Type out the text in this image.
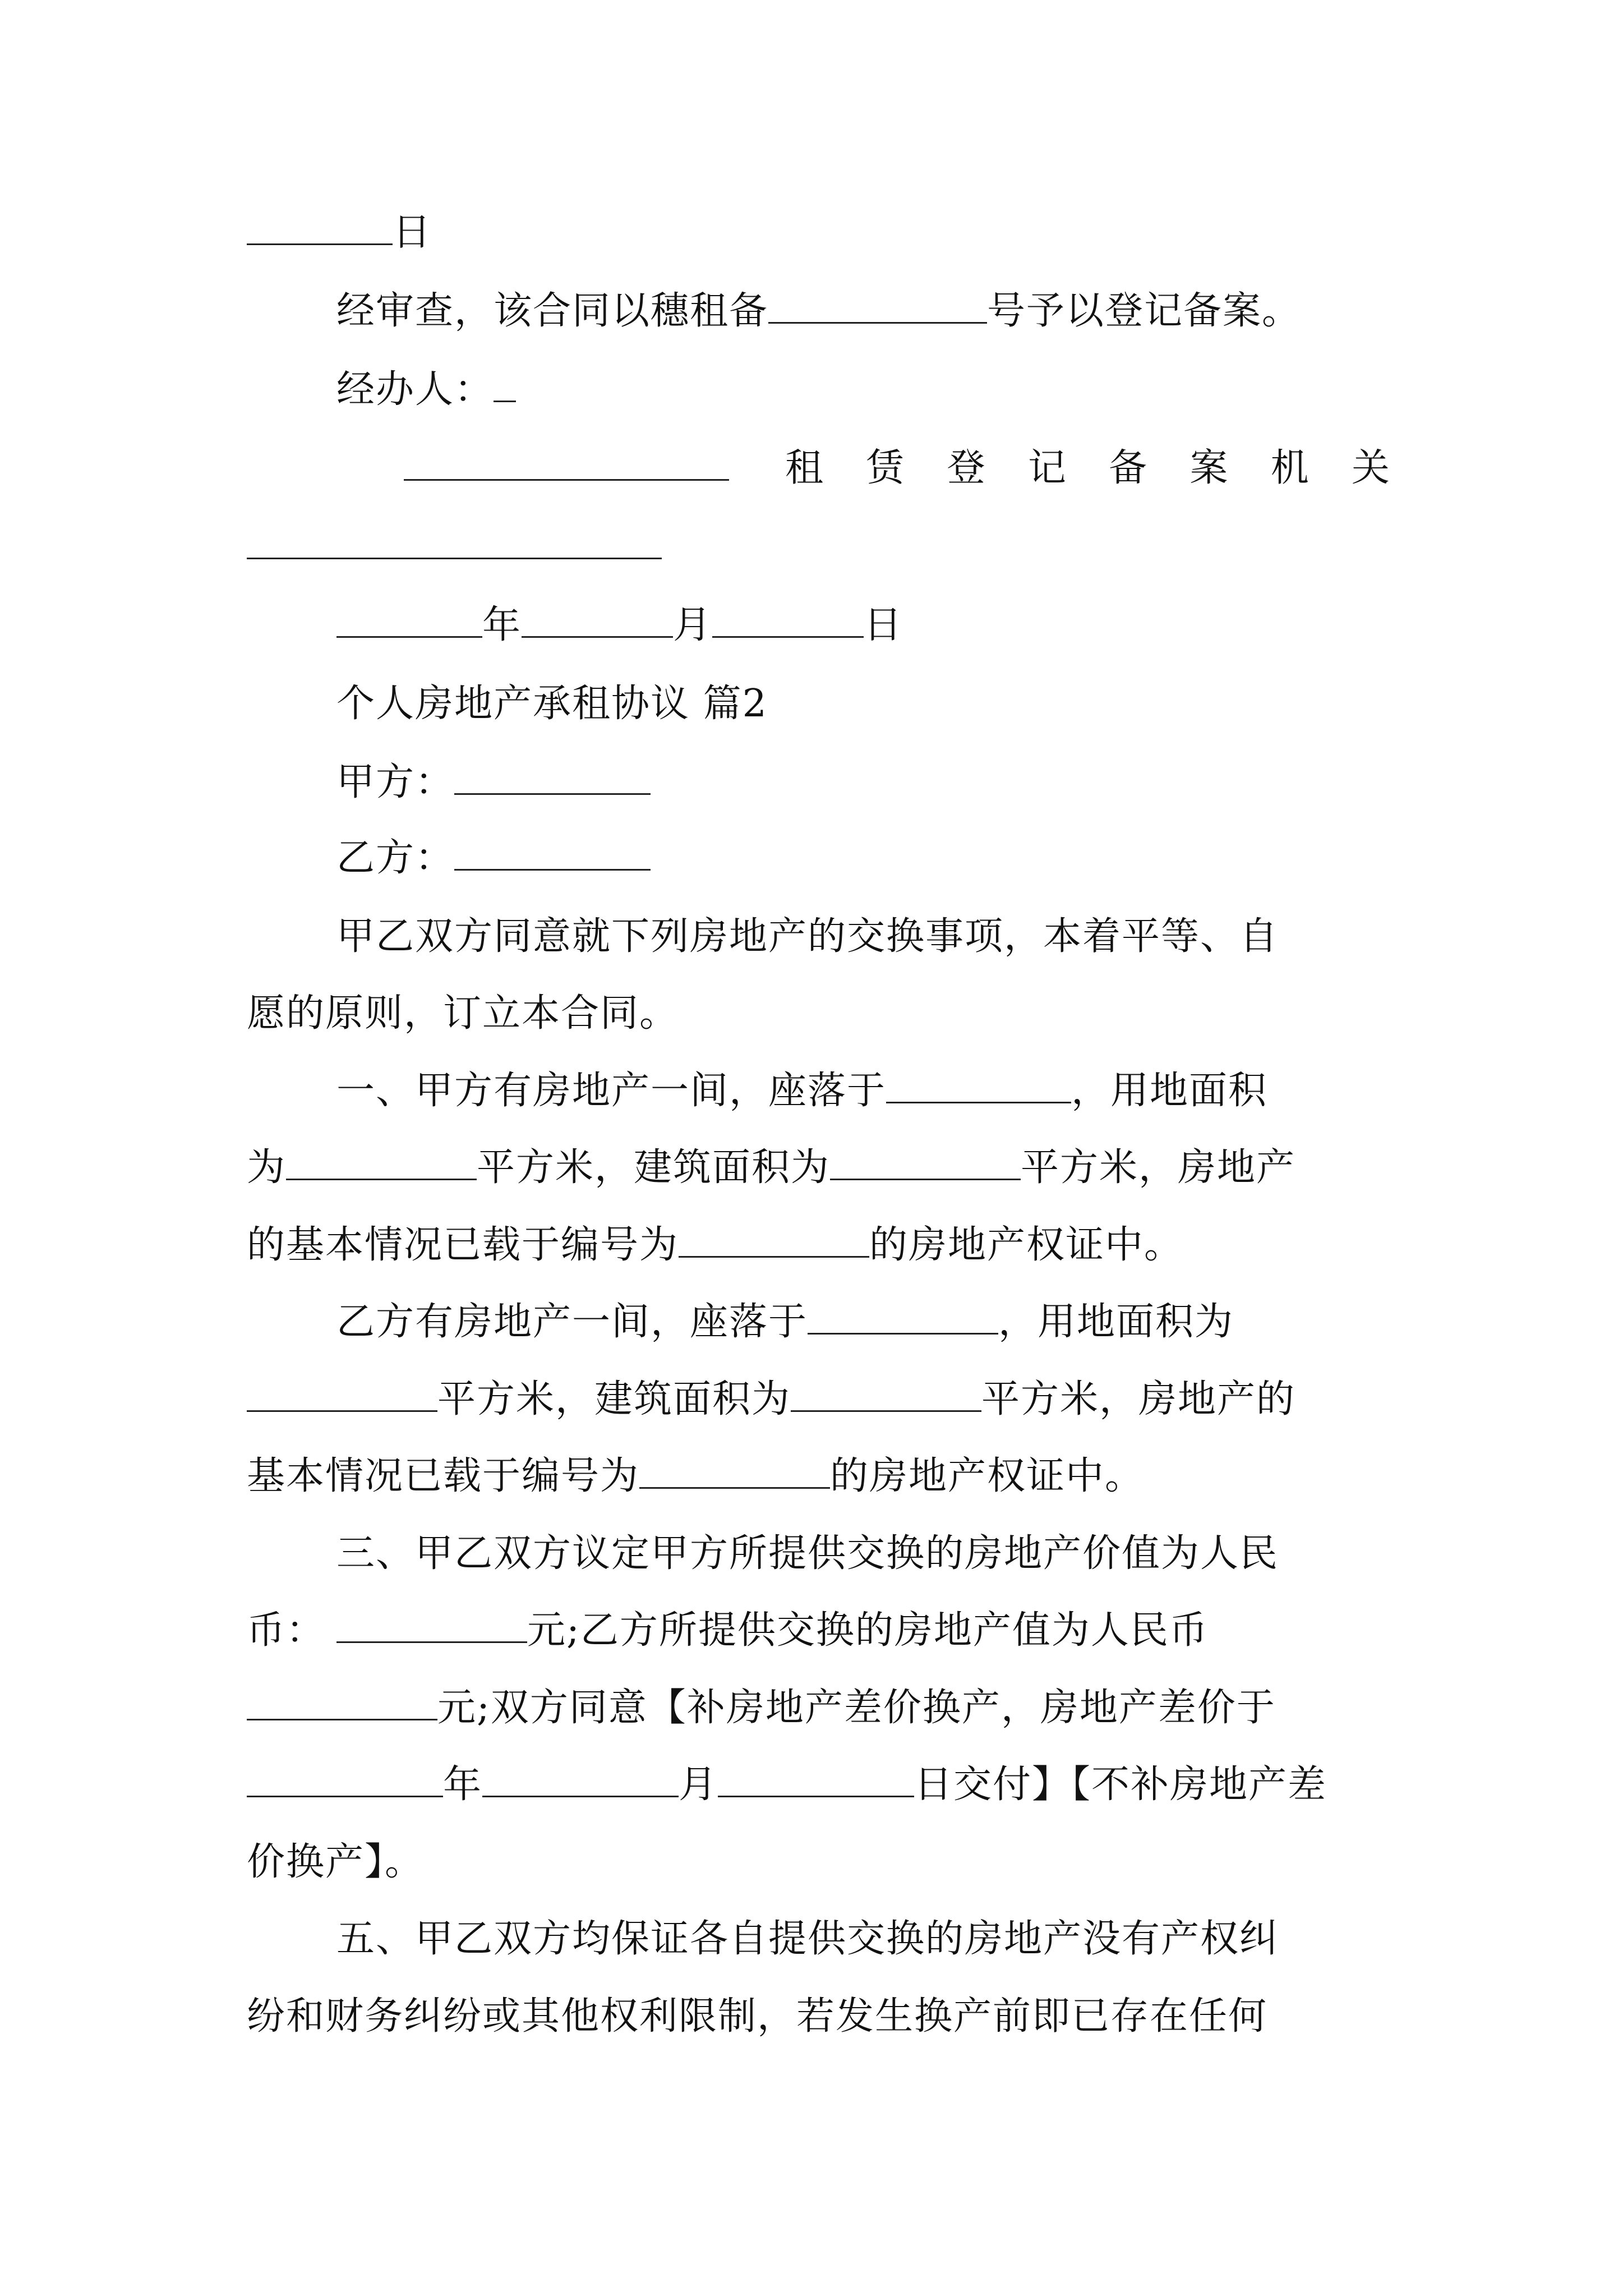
日
经审查，该合同以穗租备	号予以登记备案。
经办人：
租 赁 登 记 备 案 机 关
年	月	日
个人房地产承租协议 篇2
甲方：
乙方：
甲乙双方同意就下列房地产的交换事项，本着平等、自
愿的原则，订立本合同。
一、甲方有房地产一间，座落于	，用地面积
为	平方米，建筑面积为	平方米，房地产
的基本情况已载于编号为	的房地产权证中。
乙方有房地产一间，座落于	，用地面积为
平方米，建筑面积为	平方米，房地产的
基本情况已载于编号为	的房地产权证中。
三、甲乙双方议定甲方所提供交换的房地产价值为人民
币：	元;乙方所提供交换的房地产值为人民币
元;双方同意【补房地产差价换产，房地产差价于
年	月	日交付】【不补房地产差
价换产】。
五、甲乙双方均保证各自提供交换的房地产没有产权纠
纷和财务纠纷或其他权利限制，若发生换产前即已存在任何
